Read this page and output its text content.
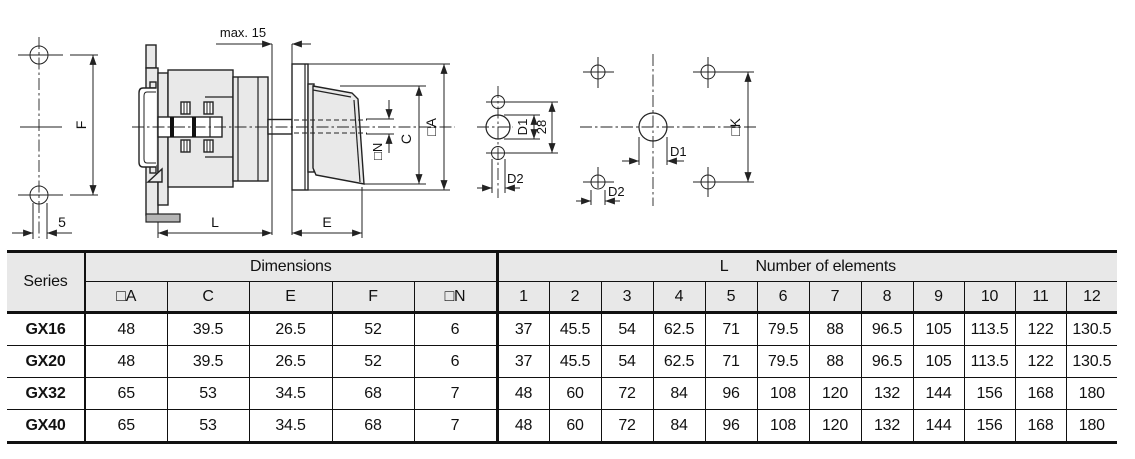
F
5
max. 15
L	E
□N
C
□A	D1 28
D2
□K
D1
D2
Series	Dimensions					L Number of elements											

	□A	C	E	F	□N	1	2	3	4	5	6	7	8	9	10	11	12
GX16	48	39.5	26.5	52	6	37	45.5	54	62.5	71	79.5	88	96.5	105	113.5	122	130.5
GX20	48	39.5	26.5	52	6	37	45.5	54	62.5	71	79.5	88	96.5	105	113.5	122	130.5
GX32	65	53	34.5	68	7	48	60	72	84	96	108	120	132	144	156	168	180
GX40	65	53	34.5	68	7	48	60	72	84	96	108	120	132	144	156	168	180
